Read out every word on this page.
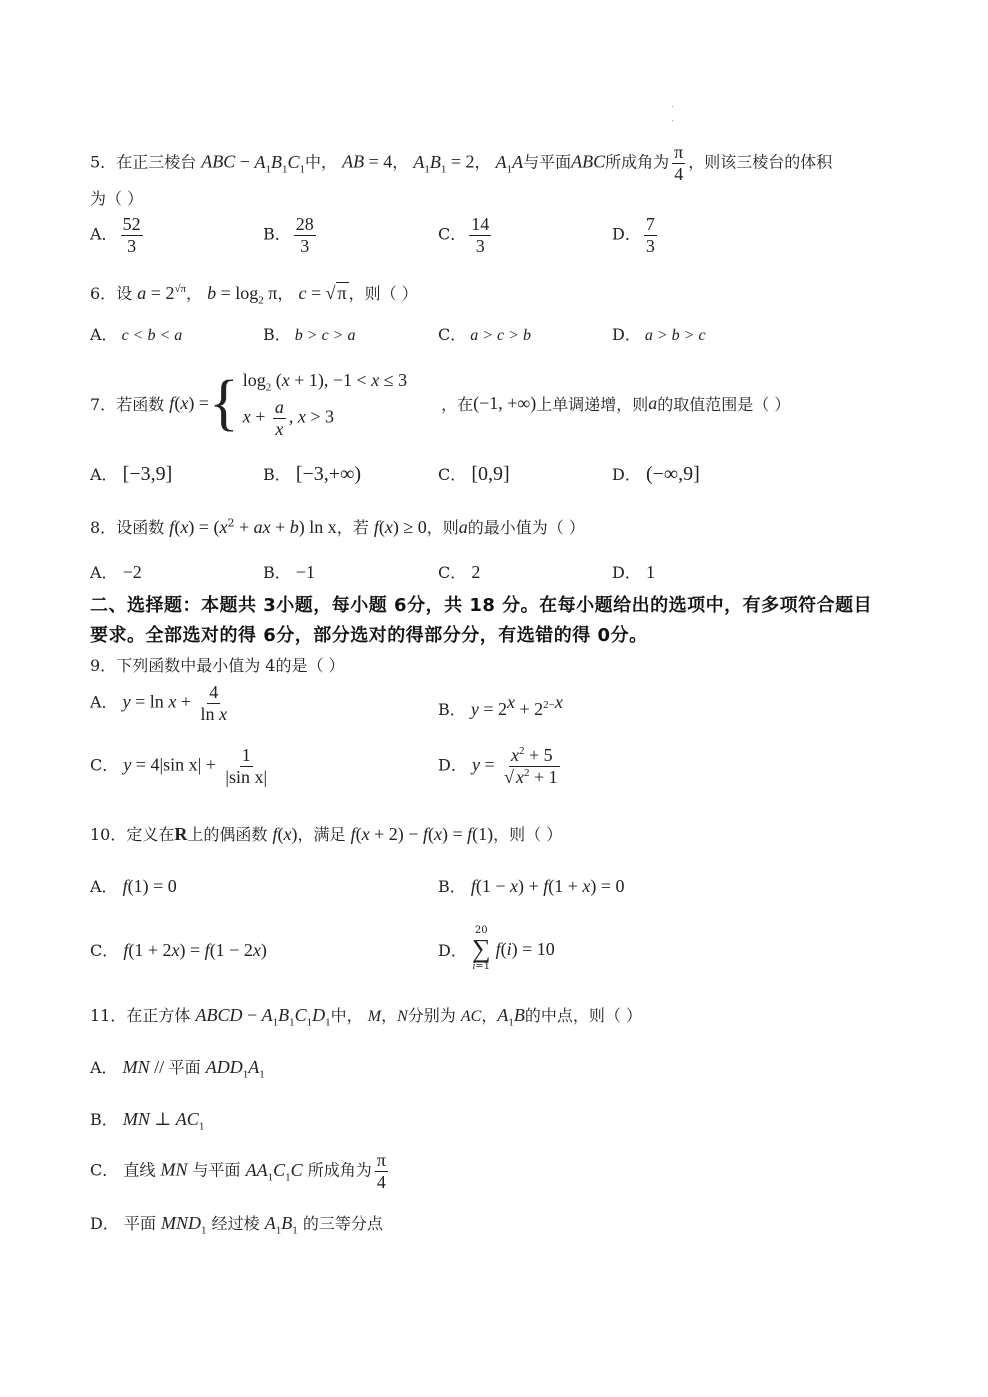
5．在正三棱台 ABC − $A_1B_1C_1$中， AB = 4， $A_1B_1 = 2$， $A_1A$与平面ABC所成角为 $\frac{\pi}{4}$ ，则该三棱台的体积
为（ ）
A． $\frac{52}{3}$	B． $\frac{28}{3}$	C． $\frac{14}{3}$	D． $\frac{7}{3}$
6．设 $a = 2^{√\pi}$， $b = \log_2 \pi$， c = √ π ，则（ ）
A． c < b < a	B． b > c > a	C． a > c > b	D． a > b > c
7． 若函数
f ( x ) = { $\log_2 (x + 1)$, −1 < x ≤ 3
$x + \frac{a}{x}$ , x > 3
，在 (−1, +∞) 上单调递增，则 a 的取值范围是（ ）
A． [−3,9]	B． [−3,+∞)	C． [0,9]	D． (−∞,9]
8．设函数 $f(x) = (x^2$ + ax + b) ln x，若 f(x) ≥ 0，则a的最小值为（ ）
A． −2	B． −1	C． 2	D． 1
二、选择题：本题共 3小题，每小题 6分，共 18 分。在每小题给出的选项中，有多项符合题目
要求。全部选对的得 6分，部分选对的得部分分，有选错的得 0分。
9．下列函数中最小值为 4的是（ ）
A． $y = \ln x + \frac{4}{\text{ln x}}$	B． $y = 2^x + 2^{2-x}$
C． y = 4|sin $x| + \frac{1}{\text{|sin x|}}$	D． $y = \frac{x^2 + 5}{√ x^2 + 1}$
10．定义在R上的偶函数 f(x)，满足 f(x + 2) − f(x) = f(1)，则（ ）
A． f(1) = 0	B． f(1 − x) + f(1 + x) = 0
C． f(1 + 2x) = f(1 − 2x)	D．

20
∑
i=1

f ( i ) = 10
11．在正方体 ABCD − $A_1B_1C_1D_1$中， M，N分别为 AC，$A_1B$的中点，则（ ）
A． MN // 平面 $ADD_1A_1$
B． MN ⊥ $AC_1$
C． 直线 MN 与平面 $AA_1C_1C$ 所成角为 $\frac{\pi}{4}$
D． 平面 $MND_1$ 经过棱 $A_1B_1$ 的三等分点
